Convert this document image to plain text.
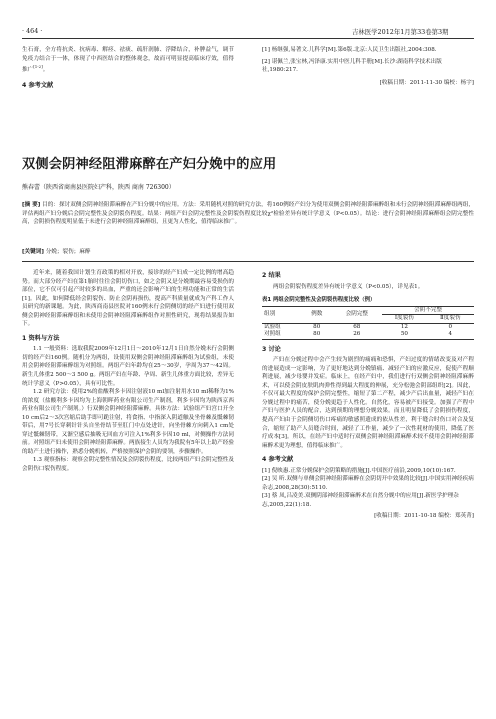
· 464 ·	吉林医学2012年1月第33卷第3期

生石膏，全方将抗炎、抗病毒、解痉、祛痰、疏肝润肺、浮降结合，补脾益气，调节免疫力结合于一体，体现了中西医结合的整体观念，故而可明显提高临床疗效，值得推广[1-2]。

4 参考文献
[1] 杨继强,易著文.儿科学[M].第6版.北京:人民卫生出版社,2004:308.
[2] 谌佩兰,张宝林,冯泽康.实用中医儿科手册[M].长沙:湖南科学技术出版社,1980:217.
[收稿日期：2011-11-30 编校：杨宇]
双侧会阴神经阻滞麻醉在产妇分娩中的应用
熊春蕾（陕西省商南县医院妇产科，陕西 商南 726300）
[摘 要] 目的：探讨双侧会阴神经阻滞麻醉在产妇分娩中的应用。方法：采用随机对照的研究方法，将160例经产妇分为使用双侧会阴神经阻滞麻醉组和未行会阴神经阻滞麻醉组两组，评估两组产妇分娩后会阴完整性及会阴裂伤程度。结果：两组产妇会阴完整性及会阴裂伤程度比较χ²检验差异有统计学意义（P<0.05）。结论：进行会阴神经阻滞麻醉组会阴完整性高，会阴损伤程度明显低于未进行会阴神经阻滞麻醉组，且更为人性化，值得临床推广。
[关键词] 分娩；裂伤；麻醉

近年来，随着我国计划生育政策的相对开放，接诊的经产妇成一定比例的增高趋势。而大部分经产妇在第1胎时往往会阴切伤口，如之会阴又是分娩期最容易受损伤的部位，它不仅可引起产时较多的出血，严重的还会影响产妇的生理功能和正常的生活[1]。因此，如何降低经会阴裂伤、防止会阴再损伤，提高产科质量就成为产科工作人员研究的新课题。为此，陕西商南县医院对160例未行会阴侧切的经产妇进行使用双侧会阴神经阻滞麻醉组和未使用会阴神经阻滞麻醉组作对照性研究，现将结果报告如下。

1 资料与方法

1.1 一般资料：选取我院2009年12月1日～2010年12月1日自然分娩未行会阴侧切的经产妇160例。随机分为两组，设使用双侧会阴神经阻滞麻醉组为试验组，未使用会阴神经阻滞麻醉组为对照组。两组产妇年龄均在25～30岁，孕周为37～42周。新生儿体重2 500～3 500 g。两组产妇在年龄、孕周、新生儿体重方面比较，差异无统计学意义（P>0.05），具有可比性。

1.2 研究方法：使用2%的盐酸利多卡因注射液10 ml加注射用水10 ml稀释为1%的浓度（盐酸利多卡因均为上海朝晖药业有限公司生产制剂，利多卡因均为陕西京西药业有限公司生产制剂。）行双侧会阴神经阻滞麻醉。具体方法：试验组产妇宫口开全10 cm后2～3次宫缩后助手即可跪注射，将食指、中指深入阴道触及坐骨棘及骶棘韧带后，用7号长穿刺针针头自坐骨结节至肛门中点处进针，向坐骨棘方向刺入1 cm处穿过骶棘韧带，又渐空感后抽吸无回血方可注入1%利多卡因10 ml，对侧操作方法同前。对照组产妇未使用会阴神经阻滞麻醉。两族接生人员均为我院有5年以上助产经验的助产士进行操作，熟悉分娩机转，严格按照保护会阴的要领，步骤操作。

1.3 观察指标：观察会阴完整性情况及会阴裂伤程度，比较两组产妇会阴完整性及会阴伤口裂伤程度。

2 结果

两组会阴裂伤程度差异有统计学意义（P<0.05），详见表1。

表1 两组会阴完整性及会阴裂伤程度比较（例）
组别	例数	会阴完整	会阴不完整	
			Ⅰ度裂伤	Ⅱ度裂伤
试验组	80	68	12	0
对照组	80	26	50	4
3 讨论

产妇在分娩过程中会产生较为剧烈的痛痛和恐惧，产妇过度的情绪改变及对产程的进展造成一定影响，为了更好地达到分娩镇痛、减轻产妇的应激反应，促使产程顺利进展，减少母婴并发症。临床上，在经产妇中，我们进行行双侧会阴神经阻滞麻醉术，可以使会阴皮肤肌肉弹性得到最大程度的伸展，充分松弛会阴部组织[2]。因此，不仅可最大程度的保护会阴完整性，缩短了第二产程，减少产后出血量，减轻产妇在分娩过程中的痛苦，使分娩更趋于人性化。自然化，容易被产妇接受。加强了产程中产妇与医护人员的配合，达到预期的理想分娩效果。而且明显降低了会阴损伤程度，提高产妇由于会阴侧切伤口疼痛的敏感照遗成的依从性差，利于缝合时伤口对合及复合，缩短了助产人员缝合时间，减轻了工作量，减少了一次性耗材的使用，降低了医疗成本[3]。所以，在经产妇中适时行双侧会阴神经阻滞麻醉术较不使用会阴神经阻滞麻醉术更为理想，值得临床推广。

4 参考文献
[1] 倪映惠.正常分娩保护会阴策略的措施[J].中国医疗前沿,2009,10(10):167.
[2] 吴 昕.双侧与单侧会阴神经阻滞麻醉在会阴切开中效果的比较[J].中国实用神经疾病杂志,2008,28(30):5110.
[3] 蔡 凤,吕凌美.双侧阴部神经阻滞麻醉术在自然分娩中的应用[J].新医学护理杂志,2005,22(1):18.
[收稿日期：2011-10-18 编校：郑英菁]
